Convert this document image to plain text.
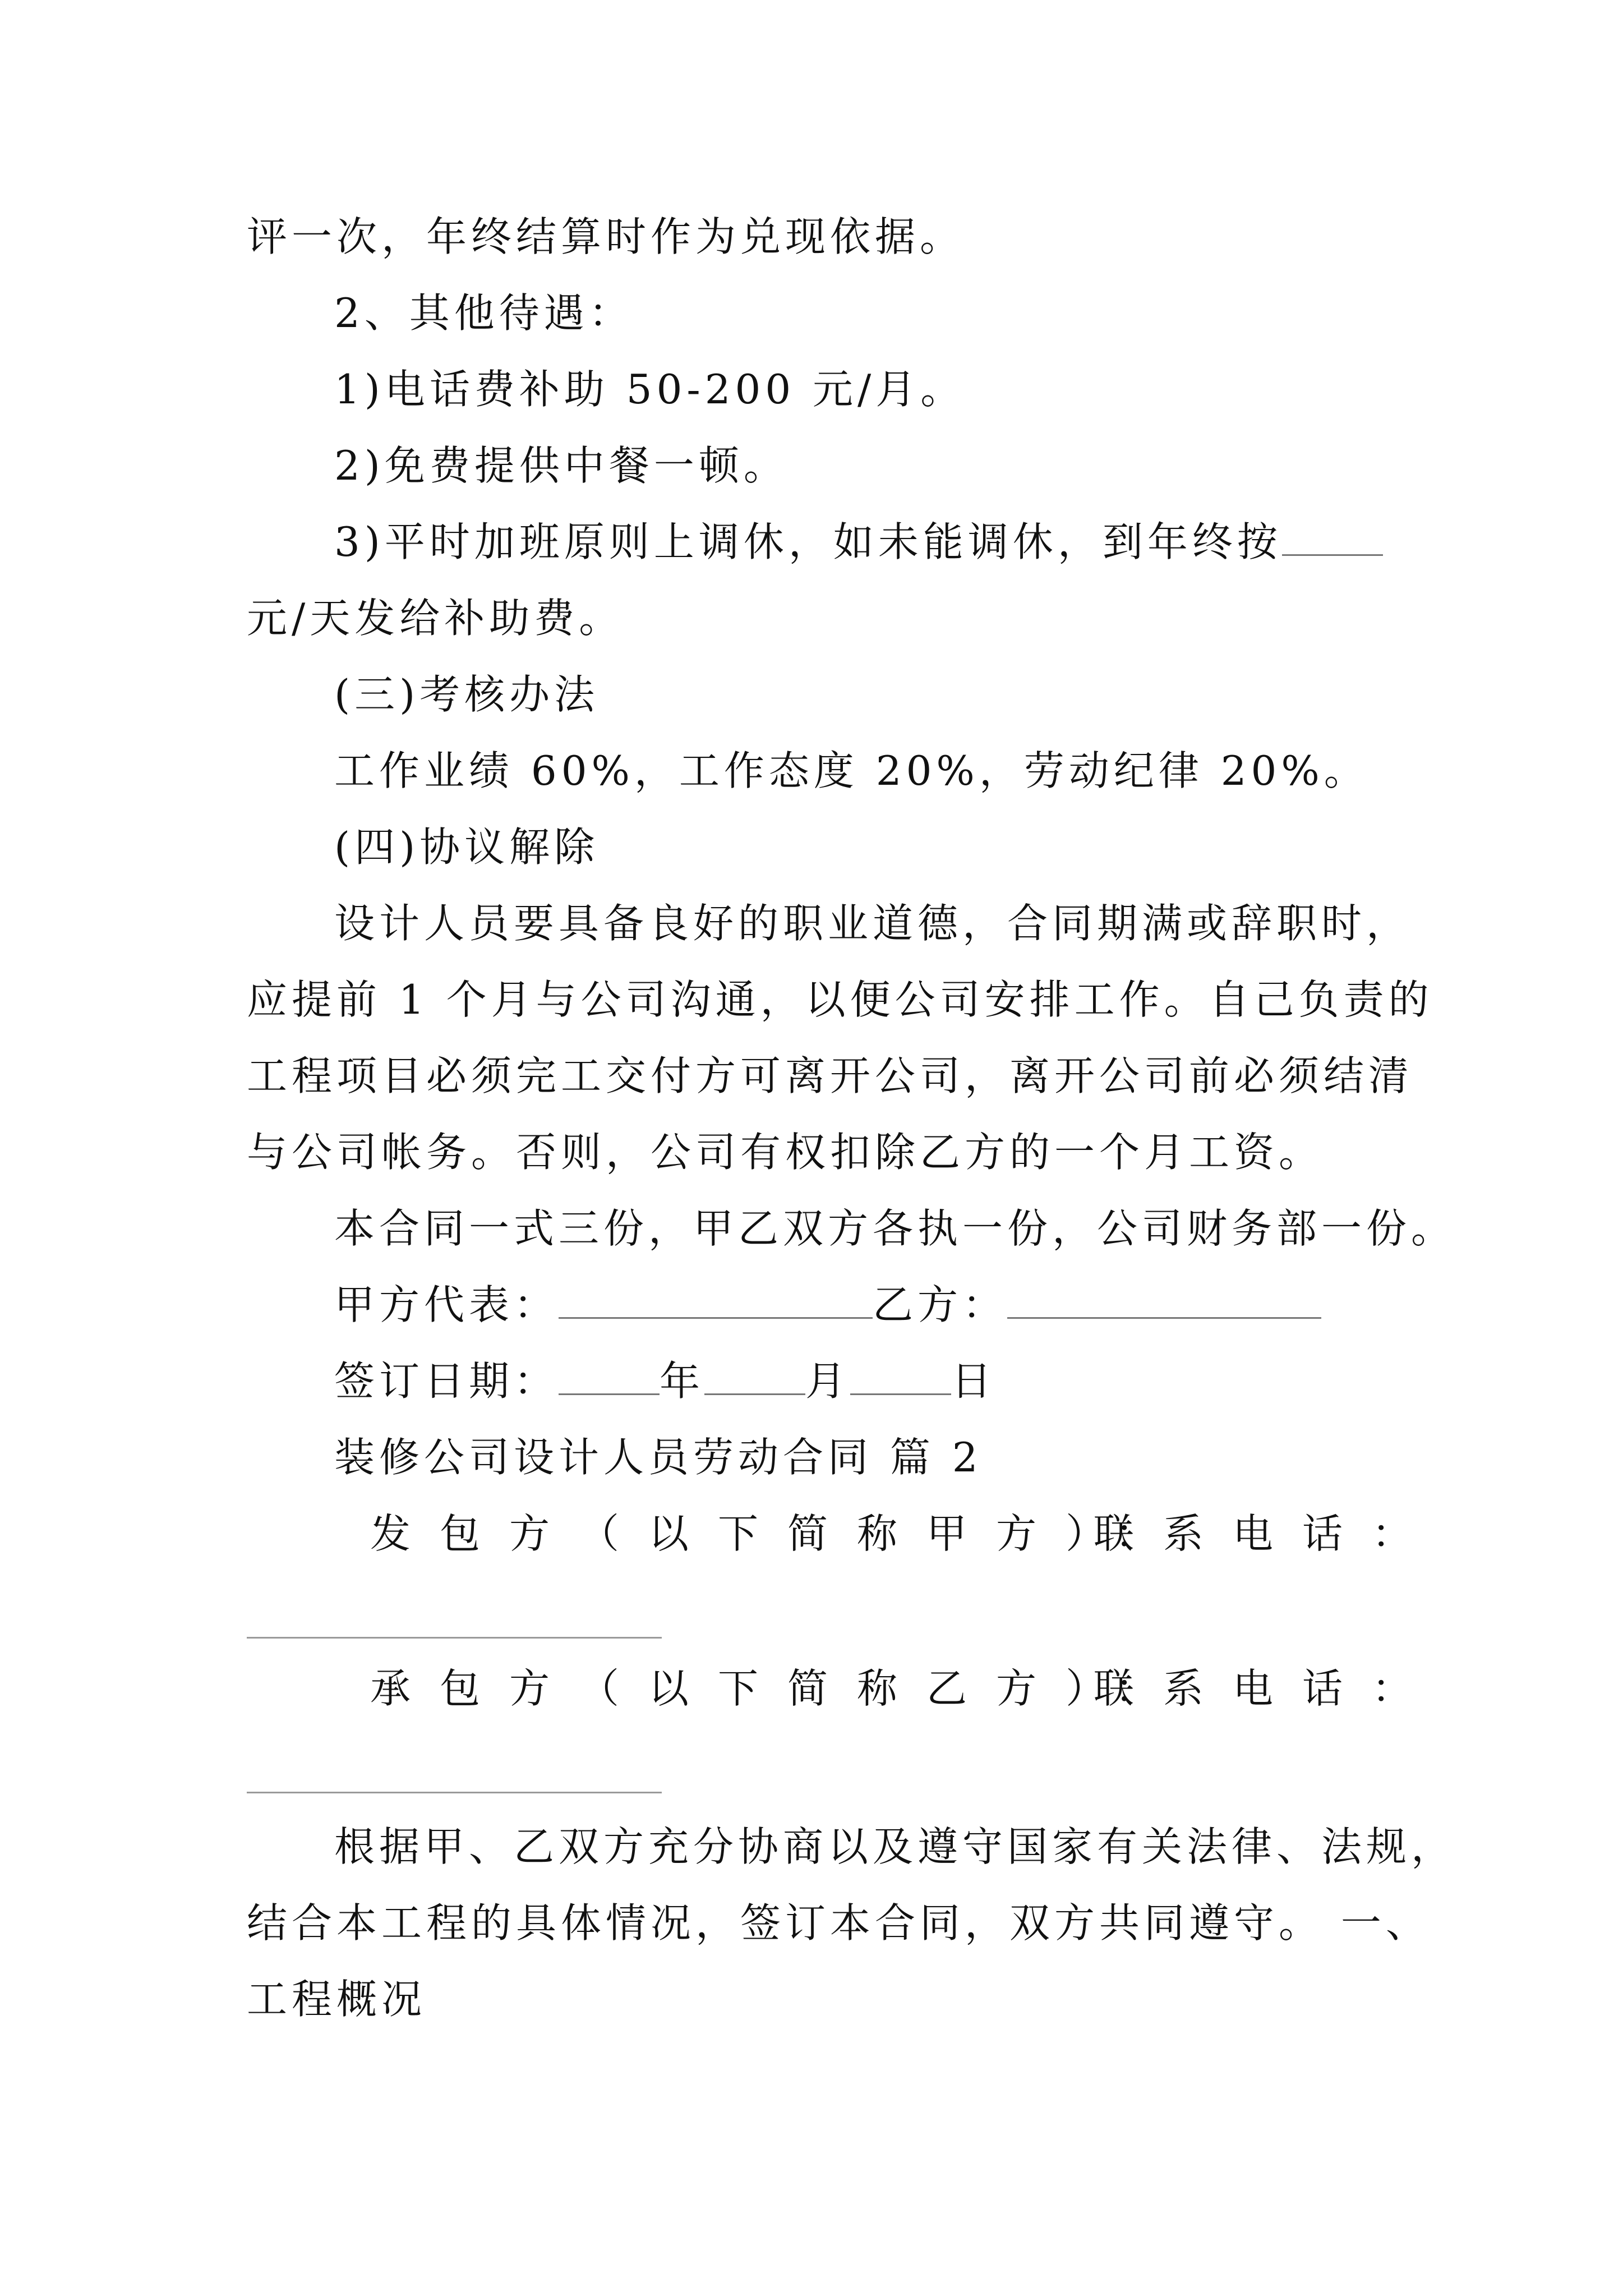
评一次，年终结算时作为兑现依据。
2、其他待遇：
1)电话费补助 50-200 元/月。
2)免费提供中餐一顿。
3)平时加班原则上调休，如未能调休，到年终按
元/天发给补助费。
(三)考核办法
工作业绩 60%，工作态度 20%，劳动纪律 20%。
(四)协议解除
设计人员要具备良好的职业道德，合同期满或辞职时，
应提前 1 个月与公司沟通，以便公司安排工作。自己负责的
工程项目必须完工交付方可离开公司，离开公司前必须结清
与公司帐务。否则，公司有权扣除乙方的一个月工资。
本合同一式三份，甲乙双方各执一份，公司财务部一份。
甲方代表：	乙方：
签订日期：	年	月	日
装修公司设计人员劳动合同 篇 2
发包方（以下简称甲方）：
联系电话：
承包方（以下简称乙方）：
联系电话：
根据甲、乙双方充分协商以及遵守国家有关法律、法规，
结合本工程的具体情况，签订本合同，双方共同遵守。 一、
工程概况
